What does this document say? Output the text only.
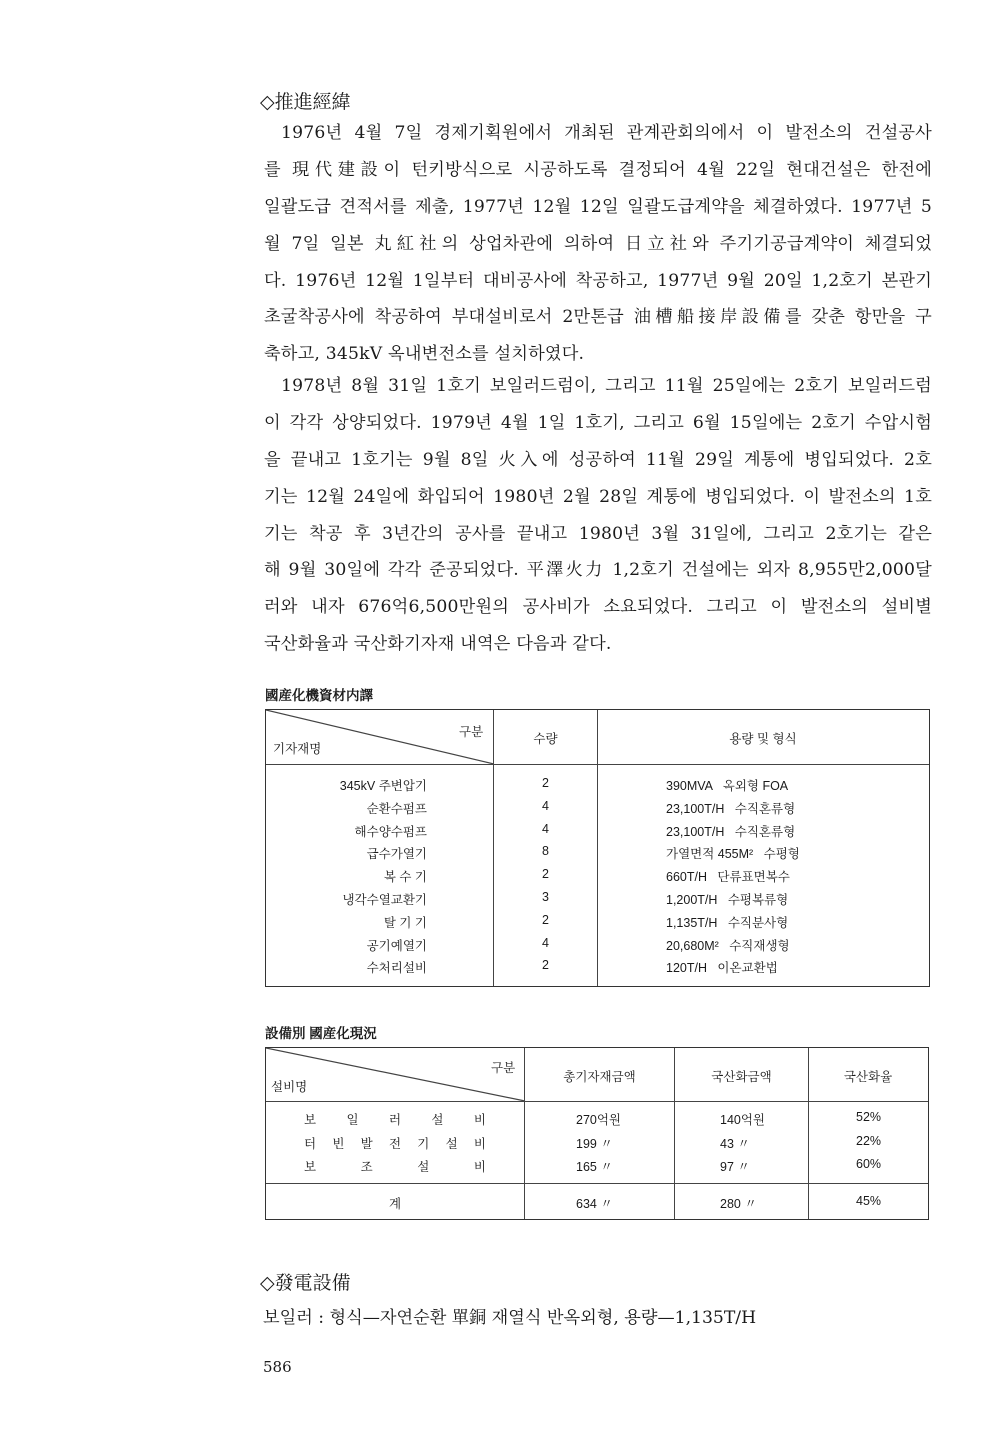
◇推進經緯
1976년 4월 7일 경제기획원에서 개최된 관계관회의에서 이 발전소의 건설공사
를 現代建設이 턴키방식으로 시공하도록 결정되어 4월 22일 현대건설은 한전에
일괄도급 견적서를 제출, 1977년 12월 12일 일괄도급계약을 체결하였다. 1977년 5
월 7일 일본 丸紅社의 상업차관에 의하여 日立社와 주기기공급계약이 체결되었
다. 1976년 12월 1일부터 대비공사에 착공하고, 1977년 9월 20일 1,2호기 본관기
초굴착공사에 착공하여 부대설비로서 2만톤급 油槽船接岸設備를 갖춘 항만을 구
축하고, 345kV 옥내변전소를 설치하였다.
1978년 8월 31일 1호기 보일러드럼이, 그리고 11월 25일에는 2호기 보일러드럼
이 각각 상양되었다. 1979년 4월 1일 1호기, 그리고 6월 15일에는 2호기 수압시험
을 끝내고 1호기는 9월 8일 火入에 성공하여 11월 29일 계통에 병입되었다. 2호
기는 12월 24일에 화입되어 1980년 2월 28일 계통에 병입되었다. 이 발전소의 1호
기는 착공 후 3년간의 공사를 끝내고 1980년 3월 31일에, 그리고 2호기는 같은
해 9월 30일에 각각 준공되었다. 平澤火力 1,2호기 건설에는 외자 8,955만2,000달
러와 내자 676억6,500만원의 공사비가 소요되었다. 그리고 이 발전소의 설비별
국산화율과 국산화기자재 내역은 다음과 같다.
國産化機資材内譯
구분
기자재명
수량	용량 및 형식
345kV 주변압기	2	390MVA   옥외형 FOA
순환수펌프	4	23,100T/H   수직혼류형
해수양수펌프	4	23,100T/H   수직혼류형
급수가열기	8	가열면적 455M²   수평형
복 수 기	2	660T/H   단류표면복수
냉각수열교환기	3	1,200T/H   수평복류형
탈 기 기	2	1,135T/H   수직분사형
공기예열기	4	20,680M²   수직재생형
수처리설비	2	120T/H   이온교환법
設備別 國産化現況
구분
설비명
총기자재금액	국산화금액	국산화율
보    일    러    설    비	270억원	140억원	52%
터  빈  발  전  기  설  비	199 〃	43 〃	22%
보       조       설       비	165 〃	97 〃	60%
계	634 〃	280 〃	45%
◇發電設備
보일러 : 형식—자연순환 單銅 재열식 반옥외형, 용량—1,135T/H
586
